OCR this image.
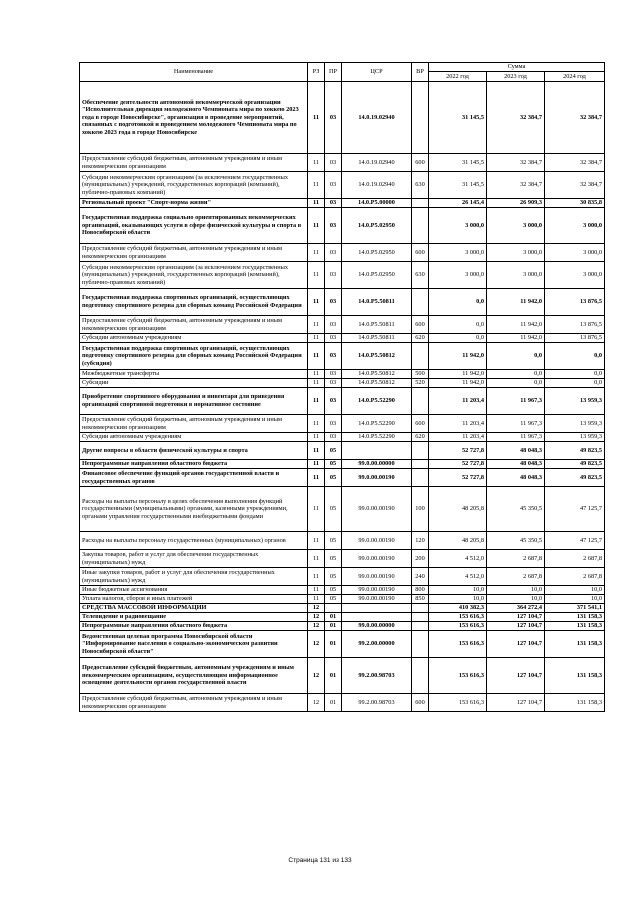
Наименование	РЗ	ПР	ЦСР	ВР	Сумма		
					2022 год	2023 год	2024 год
Обеспечение деятельности автономной некоммерческой организации "Исполнительная дирекция молодежного Чемпионата мира по хоккею 2023 года в городе Новосибирске", организация в проведение мероприятий, связанных с подготовкой и проведением молодежного Чемпионата мира по хоккею 2023 года в городе Новосибирске	11	03	14.0.19.02940		31 145,5	32 384,7	32 384,7
Предоставление субсидий бюджетным, автономным учреждениям и иным некоммерческим организациям	11	03	14.0.19.02940	600	31 145,5	32 384,7	32 384,7
Субсидии некоммерческим организациям (за исключением государственных (муниципальных) учреждений, государственных корпораций (компаний), публично-правовых компаний)	11	03	14.0.19.02940	630	31 145,5	32 384,7	32 384,7
Региональный проект "Спорт-норма жизни"	11	03	14.0.P5.00000		26 145,4	26 909,3	30 835,8
Государственная поддержка социально ориентированных некоммерческих организаций, оказывающих услуги в сфере физической культуры и спорта в Новосибирской области	11	03	14.0.P5.02950		3 000,0	3 000,0	3 000,0
Предоставление субсидий бюджетным, автономным учреждениям и иным некоммерческим организациям	11	03	14.0.P5.02950	600	3 000,0	3 000,0	3 000,0
Субсидии некоммерческим организациям (за исключением государственных (муниципальных) учреждений, государственных корпораций (компаний), публично-правовых компаний)	11	03	14.0.P5.02950	630	3 000,0	3 000,0	3 000,0
Государственная поддержка спортивных организаций, осуществляющих подготовку спортивного резерва для сборных команд Российской Федерации	11	03	14.0.P5.50811		0,0	11 942,0	13 876,5
Предоставление субсидий бюджетным, автономным учреждениям и иным некоммерческим организациям	11	03	14.0.P5.50811	600	0,0	11 942,0	13 876,5
Субсидии автономным учреждениям	11	03	14.0.P5.50811	620	0,0	11 942,0	13 876,5
Государственная поддержка спортивных организаций, осуществляющих подготовку спортивного резерва для сборных команд Российской Федерации (субсидия)	11	03	14.0.P5.50812		11 942,0	0,0	0,0
Межбюджетные трансферты	11	03	14.0.P5.50812	500	11 942,0	0,0	0,0
Субсидии	11	03	14.0.P5.50812	520	11 942,0	0,0	0,0
Приобретение спортивного оборудования и инвентаря для приведения организаций спортивной подготовки в нормативное состояние	11	03	14.0.P5.52290		11 203,4	11 967,3	13 959,3
Предоставление субсидий бюджетным, автономным учреждениям и иным некоммерческим организациям	11	03	14.0.P5.52290	600	11 203,4	11 967,3	13 959,3
Субсидии автономным учреждениям	11	03	14.0.P5.52290	620	11 203,4	11 967,3	13 959,3
Другие вопросы в области физической культуры и спорта	11	05			52 727,8	48 048,3	49 823,5
Непрограммные направления областного бюджета	11	05	99.0.00.00000		52 727,8	48 048,3	49 823,5
Финансовое обеспечение функций органов государственной власти и государственных органов	11	05	99.0.00.00190		52 727,8	48 048,3	49 823,5
Расходы на выплаты персоналу в целях обеспечения выполнения функций государственными (муниципальными) органами, казенными учреждениями, органами управления государственными внебюджетными фондами	11	05	99.0.00.00190	100	48 205,8	45 350,5	47 125,7
Расходы на выплаты персоналу государственных (муниципальных) органов	11	05	99.0.00.00190	120	48 205,8	45 350,5	47 125,7
Закупка товаров, работ и услуг для обеспечения государственных (муниципальных) нужд	11	05	99.0.00.00190	200	4 512,0	2 687,8	2 687,8
Иные закупки товаров, работ и услуг для обеспечения государственных (муниципальных) нужд	11	05	99.0.00.00190	240	4 512,0	2 687,8	2 687,8
Иные бюджетные ассигнования	11	05	99.0.00.00190	800	10,0	10,0	10,0
Уплата налогов, сборов и иных платежей	11	05	99.0.00.00190	850	10,0	10,0	10,0
СРЕДСТВА МАССОВОЙ ИНФОРМАЦИИ	12				410 382,3	364 272,4	371 541,1
Телевидение и радиовещание	12	01			153 616,3	127 104,7	131 158,3
Непрограммные направления областного бюджета	12	01	99.0.00.00000		153 616,3	127 104,7	131 158,3
Ведомственная целевая программа Новосибирской области "Информирование населения о социально-экономическом развитии Новосибирской области"	12	01	99.2.00.00000		153 616,3	127 104,7	131 158,3
Предоставление субсидий бюджетным, автономным учреждениям и иным некоммерческим организациям, осуществляющим информационное освещение деятельности органов государственной власти	12	01	99.2.00.98703		153 616,3	127 104,7	131 158,3
Предоставление субсидий бюджетным, автономным учреждениям и иным некоммерческим организациям	12	01	99.2.00.98703	600	153 616,3	127 104,7	131 158,3
Страница 131 из 133
